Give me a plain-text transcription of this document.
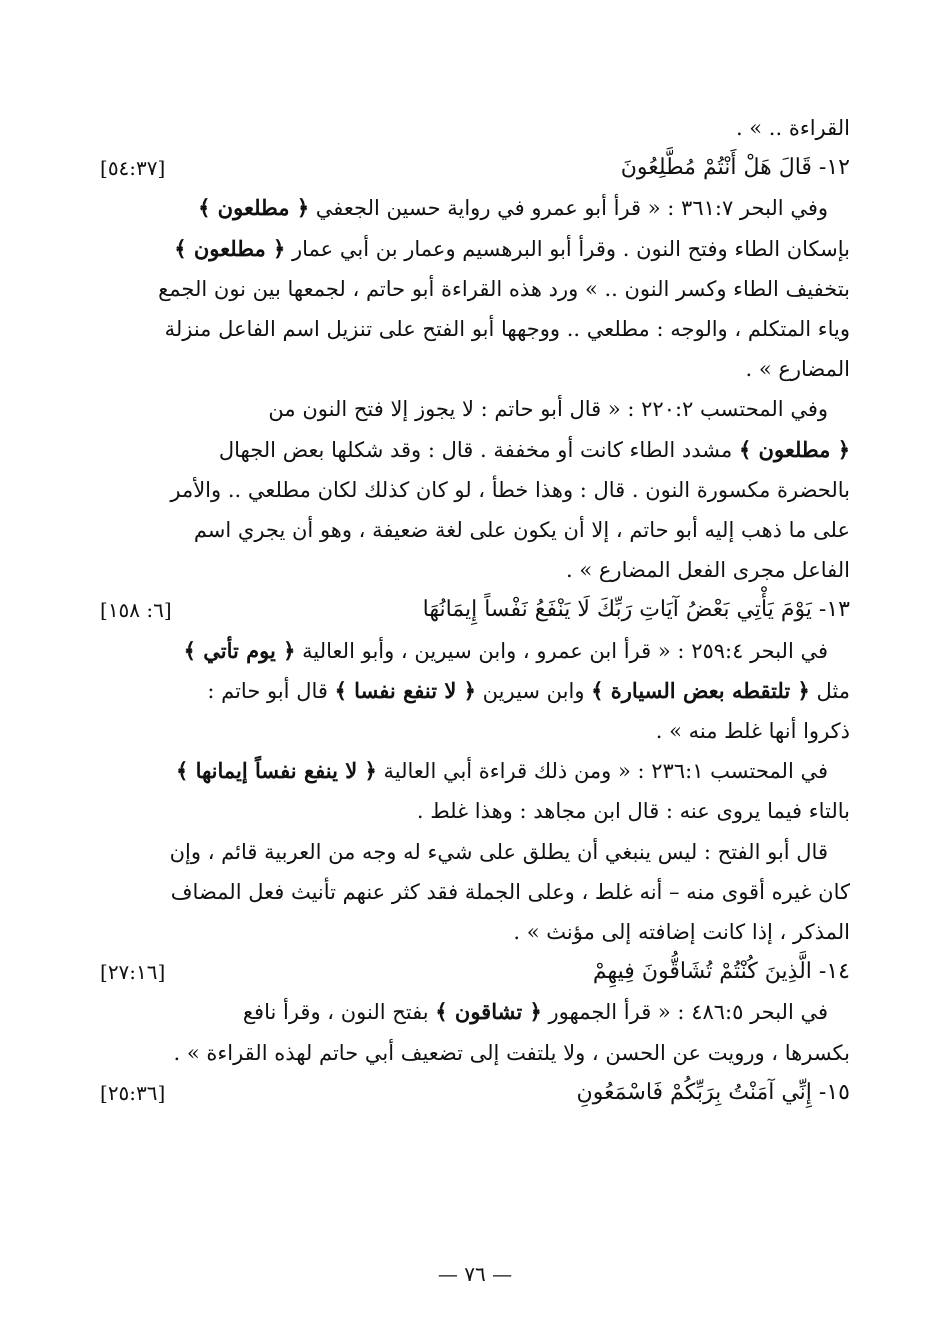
القراءة .. » .
١٢- قَالَ هَلْ أَنْتُمْ مُطَّلِعُونَ
[٥٤:٣٧]
وفي البحر ٣٦١:٧ : « قرأ أبو عمرو في رواية حسين الجعفي ﴿ مطلعون ﴾
بإسكان الطاء وفتح النون . وقرأ أبو البرهسيم وعمار بن أبي عمار ﴿ مطلعون ﴾
بتخفيف الطاء وكسر النون .. » ورد هذه القراءة أبو حاتم ، لجمعها بين نون الجمع
وياء المتكلم ، والوجه : مطلعي .. ووجهها أبو الفتح على تنزيل اسم الفاعل منزلة
المضارع » .
وفي المحتسب ٢٢٠:٢ : « قال أبو حاتم : لا يجوز إلا فتح النون من
﴿ مطلعون ﴾ مشدد الطاء كانت أو مخففة . قال : وقد شكلها بعض الجهال
بالحضرة مكسورة النون . قال : وهذا خطأ ، لو كان كذلك لكان مطلعي .. والأمر
على ما ذهب إليه أبو حاتم ، إلا أن يكون على لغة ضعيفة ، وهو أن يجري اسم
الفاعل مجرى الفعل المضارع » .
١٣- يَوْمَ يَأْتِي بَعْضُ آيَاتِ رَبِّكَ لَا يَنْفَعُ نَفْساً إِيمَانُهَا
[٦: ١٥٨]
في البحر ٢٥٩:٤ : « قرأ ابن عمرو ، وابن سيرين ، وأبو العالية ﴿ يوم تأتي ﴾
مثل ﴿ تلتقطه بعض السيارة ﴾ وابن سيرين ﴿ لا تنفع نفسا ﴾ قال أبو حاتم :
ذكروا أنها غلط منه » .
في المحتسب ٢٣٦:١ : « ومن ذلك قراءة أبي العالية ﴿ لا ينفع نفساً إيمانها ﴾
بالتاء فيما يروى عنه : قال ابن مجاهد : وهذا غلط .
قال أبو الفتح : ليس ينبغي أن يطلق على شيء له وجه من العربية قائم ، وإن
كان غيره أقوى منه – أنه غلط ، وعلى الجملة فقد كثر عنهم تأنيث فعل المضاف
المذكر ، إذا كانت إضافته إلى مؤنث » .
١٤- الَّذِينَ كُنْتُمْ تُشَاقُّونَ فِيهِمْ
[٢٧:١٦]
في البحر ٤٨٦:٥ : « قرأ الجمهور ﴿ تشاقون ﴾ بفتح النون ، وقرأ نافع
بكسرها ، ورويت عن الحسن ، ولا يلتفت إلى تضعيف أبي حاتم لهذه القراءة » .
١٥- إِنِّي آمَنْتُ بِرَبِّكُمْ فَاسْمَعُونِ
[٢٥:٣٦]
— ٧٦ —
